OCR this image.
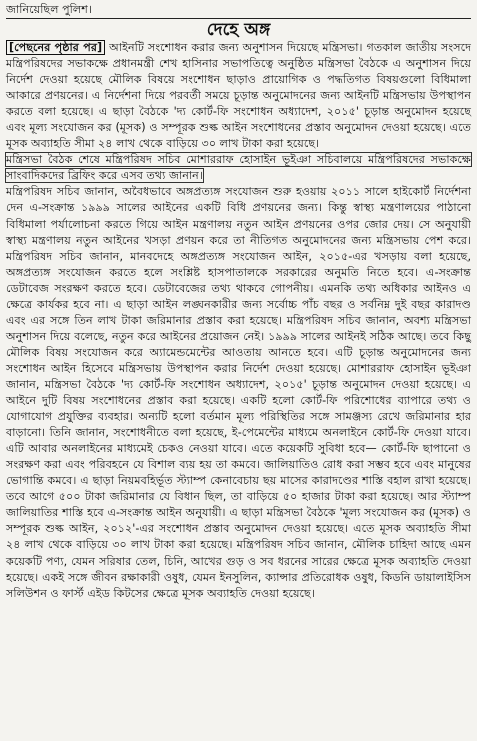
জানিয়েছিল পুলিশ।
দেহে অঙ্গ

[পেছনের পৃষ্ঠার পর] আইনটি সংশোধন করার জন্য অনুশাসন দিয়েছে মন্ত্রিসভা। গতকাল জাতীয় সংসদে মন্ত্রিপরিষদের সভাকক্ষে প্রধানমন্ত্রী শেখ হাসিনার সভাপতিত্বে অনুষ্ঠিত মন্ত্রিসভা বৈঠকে এ অনুশাসন দিয়ে নির্দেশ দেওয়া হয়েছে মৌলিক বিষয়ে সংশোধন ছাড়াও প্রায়োগিক ও পদ্ধতিগত বিষয়গুলো বিধিমালা আকারে প্রণয়নের। এ নির্দেশনা দিয়ে পরবর্তী সময়ে চূড়ান্ত অনুমোদনের জন্য আইনটি মন্ত্রিসভায় উপস্থাপন করতে বলা হয়েছে। এ ছাড়া বৈঠকে 'দ্য কোর্ট-ফি সংশোধন অধ্যাদেশ, ২০১৫' চূড়ান্ত অনুমোদন হয়েছে এবং মূল্য সংযোজন কর (মূসক) ও সম্পূরক শুল্ক আইন সংশোধনের প্রস্তাব অনুমোদন দেওয়া হয়েছে। এতে মূসক অব্যাহতি সীমা ২৪ লাখ থেকে বাড়িয়ে ৩০ লাখ টাকা করা হয়েছে।

মন্ত্রিসভা বৈঠক শেষে মন্ত্রিপরিষদ সচিব মোশাররাফ হোসাইন ভূইঞা সচিবালয়ে মন্ত্রিপরিষদের সভাকক্ষে সাংবাদিকদের ব্রিফিং করে এসব তথ্য জানান।

মন্ত্রিপরিষদ সচিব জানান, অবৈধভাবে অঙ্গপ্রত্যঙ্গ সংযোজন শুরু হওয়ায় ২০১১ সালে হাইকোর্ট নির্দেশনা দেন এ-সংক্রান্ত ১৯৯৯ সালের আইনের একটি বিধি প্রণয়নের জন্য। কিন্তু স্বাস্থ্য মন্ত্রণালয়ের পাঠানো বিধিমালা পর্যালোচনা করতে গিয়ে আইন মন্ত্রণালয় নতুন আইন প্রণয়নের ওপর জোর দেয়। সে অনুযায়ী স্বাস্থ্য মন্ত্রণালয় নতুন আইনের খসড়া প্রণয়ন করে তা নীতিগত অনুমোদনের জন্য মন্ত্রিসভায় পেশ করে। মন্ত্রিপরিষদ সচিব জানান, মানবদেহে অঙ্গপ্রত্যঙ্গ সংযোজন আইন, ২০১৫-এর খসড়ায় বলা হয়েছে, অঙ্গপ্রত্যঙ্গ সংযোজন করতে হলে সংশ্লিষ্ট হাসপাতালকে সরকারের অনুমতি নিতে হবে। এ-সংক্রান্ত ডেটাবেজ সংরক্ষণ করতে হবে। ডেটাবেজের তথ্য থাকবে গোপনীয়। এমনকি তথ্য অধিকার আইনও এ ক্ষেত্রে কার্যকর হবে না। এ ছাড়া আইন লঙ্ঘনকারীর জন্য সর্বোচ্চ পাঁচ বছর ও সর্বনিম্ন দুই বছর কারাদণ্ড এবং এর সঙ্গে তিন লাখ টাকা জরিমানার প্রস্তাব করা হয়েছে। মন্ত্রিপরিষদ সচিব জানান, অবশ্য মন্ত্রিসভা অনুশাসন দিয়ে বলেছে, নতুন করে আইনের প্রয়োজন নেই। ১৯৯৯ সালের আইনই সঠিক আছে। তবে কিছু মৌলিক বিষয় সংযোজন করে অ্যামেন্ডমেন্টের আওতায় আনতে হবে। এটি চূড়ান্ত অনুমোদনের জন্য সংশোধন আইন হিসেবে মন্ত্রিসভায় উপস্থাপন করার নির্দেশ দেওয়া হয়েছে। মোশাররাফ হোসাইন ভূইঞা জানান, মন্ত্রিসভা বৈঠকে 'দ্য কোর্ট-ফি সংশোধন অধ্যাদেশ, ২০১৫' চূড়ান্ত অনুমোদন দেওয়া হয়েছে। এ আইনে দুটি বিষয় সংশোধনের প্রস্তাব করা হয়েছে। একটি হলো কোর্ট-ফি পরিশোধের ব্যাপারে তথ্য ও যোগাযোগ প্রযুক্তির ব্যবহার। অন্যটি হলো বর্তমান মূল্য পরিস্থিতির সঙ্গে সামঞ্জস্য রেখে জরিমানার হার বাড়ানো। তিনি জানান, সংশোধনীতে বলা হয়েছে, ই-পেমেন্টের মাধ্যমে অনলাইনে কোর্ট-ফি দেওয়া যাবে। এটি আবার অনলাইনের মাধ্যমেই চেকও নেওয়া যাবে। এতে কয়েকটি সুবিধা হবে— কোর্ট-ফি ছাপানো ও সংরক্ষণ করা এবং পরিবহনে যে বিশাল ব্যয় হয় তা কমবে। জালিয়াতিও রোধ করা সম্ভব হবে এবং মানুষের ভোগান্তি কমবে। এ ছাড়া নিয়মবহির্ভূত স্ট্যাম্প কেনাবেচায় ছয় মাসের কারাদণ্ডের শাস্তি বহাল রাখা হয়েছে। তবে আগে ৫০০ টাকা জরিমানার যে বিধান ছিল, তা বাড়িয়ে ৫০ হাজার টাকা করা হয়েছে। আর স্ট্যাম্প জালিয়াতির শাস্তি হবে এ-সংক্রান্ত আইন অনুযায়ী। এ ছাড়া মন্ত্রিসভা বৈঠকে 'মূল্য সংযোজন কর (মূসক) ও সম্পূরক শুল্ক আইন, ২০১২'-এর সংশোধন প্রস্তাব অনুমোদন দেওয়া হয়েছে। এতে মূসক অব্যাহতি সীমা ২৪ লাখ থেকে বাড়িয়ে ৩০ লাখ টাকা করা হয়েছে। মন্ত্রিপরিষদ সচিব জানান, মৌলিক চাহিদা আছে এমন কয়েকটি পণ্য, যেমন সরিষার তেল, চিনি, আখের গুড় ও সব ধরনের সারের ক্ষেত্রে মূসক অব্যাহতি দেওয়া হয়েছে। একই সঙ্গে জীবন রক্ষাকারী ওষুধ, যেমন ইনসুলিন, ক্যান্সার প্রতিরোধক ওষুধ, কিডনি ডায়ালাইসিস সলিউশন ও ফার্স্ট এইড কিটসের ক্ষেত্রে মূসক অব্যাহতি দেওয়া হয়েছে।
